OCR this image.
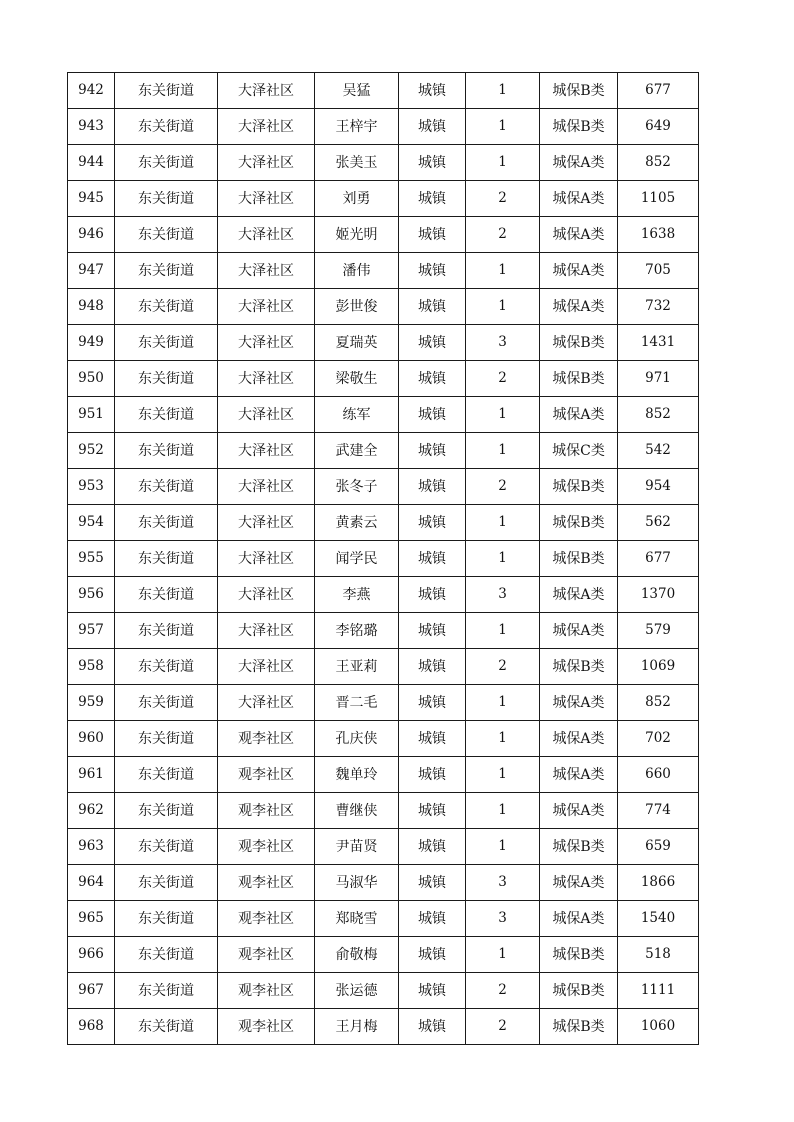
942	东关街道	大泽社区	吴猛	城镇	1	城保B类	677
943	东关街道	大泽社区	王梓宇	城镇	1	城保B类	649
944	东关街道	大泽社区	张美玉	城镇	1	城保A类	852
945	东关街道	大泽社区	刘勇	城镇	2	城保A类	1105
946	东关街道	大泽社区	姬光明	城镇	2	城保A类	1638
947	东关街道	大泽社区	潘伟	城镇	1	城保A类	705
948	东关街道	大泽社区	彭世俊	城镇	1	城保A类	732
949	东关街道	大泽社区	夏瑞英	城镇	3	城保B类	1431
950	东关街道	大泽社区	梁敬生	城镇	2	城保B类	971
951	东关街道	大泽社区	练军	城镇	1	城保A类	852
952	东关街道	大泽社区	武建全	城镇	1	城保C类	542
953	东关街道	大泽社区	张冬子	城镇	2	城保B类	954
954	东关街道	大泽社区	黄素云	城镇	1	城保B类	562
955	东关街道	大泽社区	闻学民	城镇	1	城保B类	677
956	东关街道	大泽社区	李燕	城镇	3	城保A类	1370
957	东关街道	大泽社区	李铭璐	城镇	1	城保A类	579
958	东关街道	大泽社区	王亚莉	城镇	2	城保B类	1069
959	东关街道	大泽社区	晋二毛	城镇	1	城保A类	852
960	东关街道	观李社区	孔庆侠	城镇	1	城保A类	702
961	东关街道	观李社区	魏单玲	城镇	1	城保A类	660
962	东关街道	观李社区	曹继侠	城镇	1	城保A类	774
963	东关街道	观李社区	尹苗贤	城镇	1	城保B类	659
964	东关街道	观李社区	马淑华	城镇	3	城保A类	1866
965	东关街道	观李社区	郑晓雪	城镇	3	城保A类	1540
966	东关街道	观李社区	俞敬梅	城镇	1	城保B类	518
967	东关街道	观李社区	张运德	城镇	2	城保B类	1111
968	东关街道	观李社区	王月梅	城镇	2	城保B类	1060
